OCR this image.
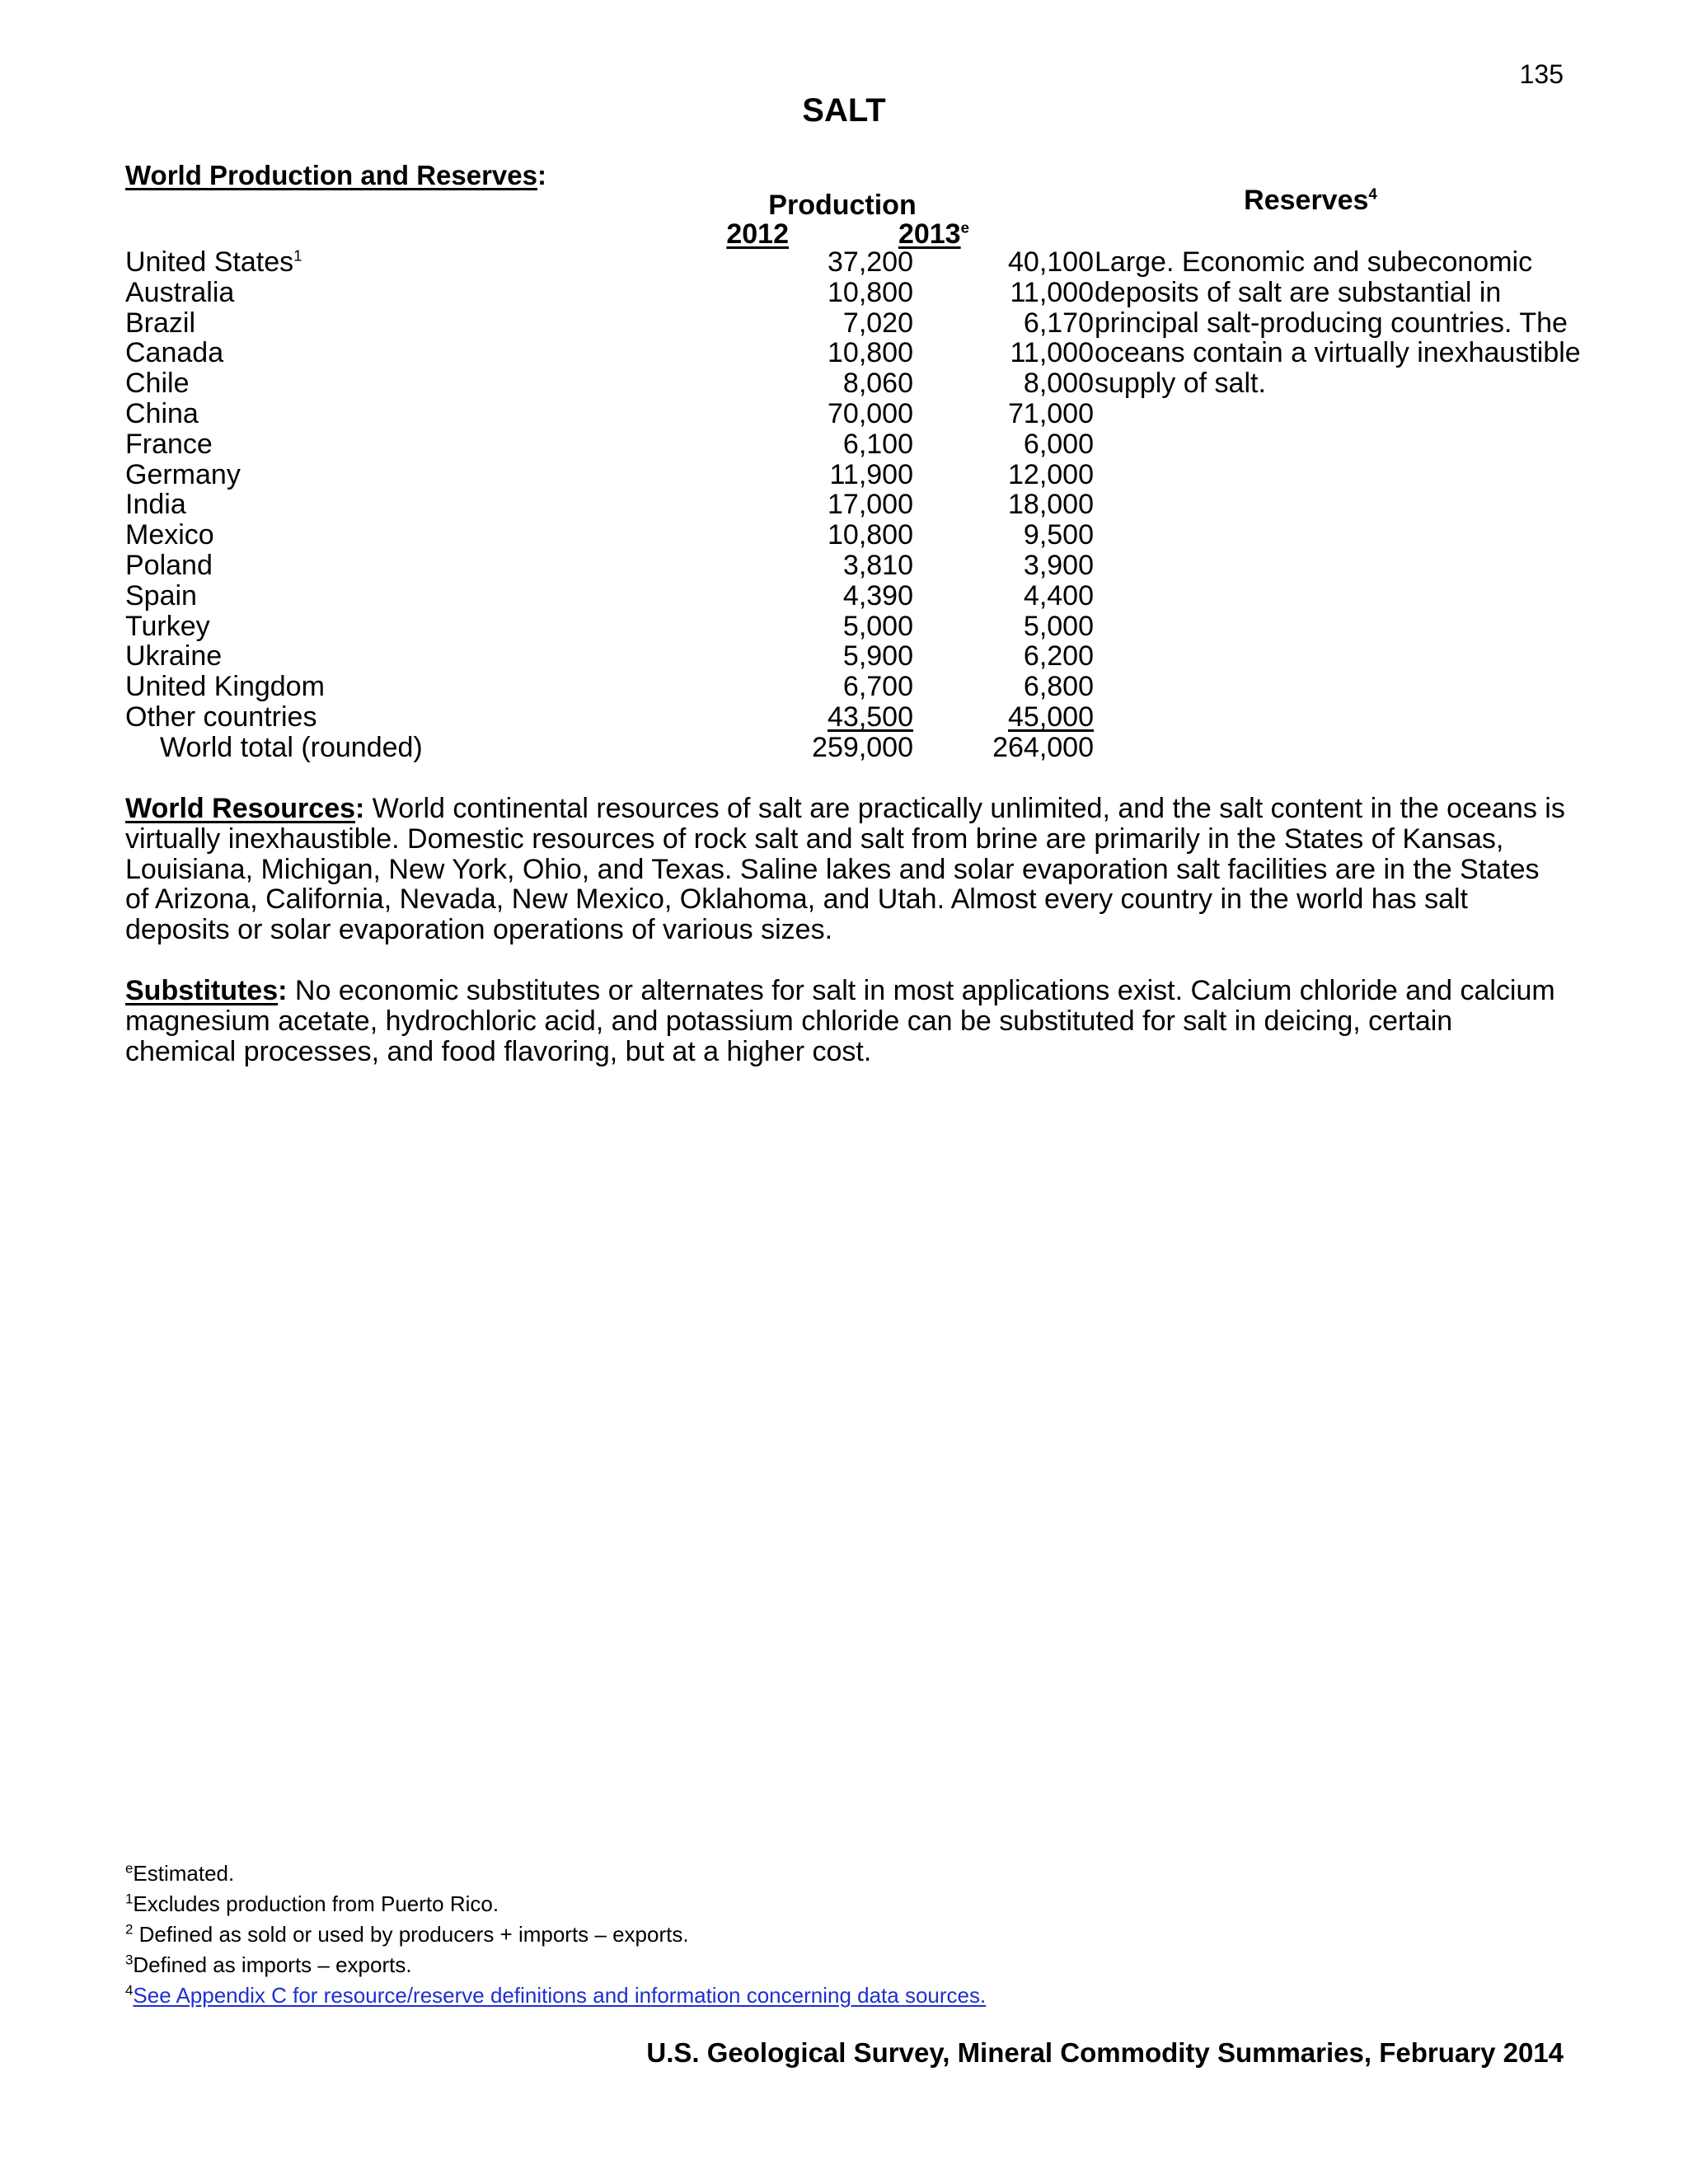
135
SALT
World Production and Reserves:
Production	Reserves$^4$
2012	2013e
United States$^1$	37,200	40,100
Australia	10,800	11,000
Brazil	7,020	6,170
Canada	10,800	11,000
Chile	8,060	8,000
China	70,000	71,000
France	6,100	6,000
Germany	11,900	12,000
India	17,000	18,000
Mexico	10,800	9,500
Poland	3,810	3,900
Spain	4,390	4,400
Turkey	5,000	5,000
Ukraine	5,900	6,200
United Kingdom	6,700	6,800
Other countries	43,500	45,000
World total (rounded)	259,000	264,000
Large. Economic and subeconomic deposits of salt are substantial in principal salt-producing countries. The oceans contain a virtually inexhaustible supply of salt.
World Resources: World continental resources of salt are practically unlimited, and the salt content in the oceans is virtually inexhaustible. Domestic resources of rock salt and salt from brine are primarily in the States of Kansas, Louisiana, Michigan, New York, Ohio, and Texas. Saline lakes and solar evaporation salt facilities are in the States of Arizona, California, Nevada, New Mexico, Oklahoma, and Utah. Almost every country in the world has salt deposits or solar evaporation operations of various sizes.
Substitutes: No economic substitutes or alternates for salt in most applications exist. Calcium chloride and calcium magnesium acetate, hydrochloric acid, and potassium chloride can be substituted for salt in deicing, certain chemical processes, and food flavoring, but at a higher cost.
$^e$Estimated.
$^1$Excludes production from Puerto Rico.
$^2$ Defined as sold or used by producers + imports – exports.
$^3$Defined as imports – exports.
$^4$See Appendix C for resource/reserve definitions and information concerning data sources.
U.S. Geological Survey, Mineral Commodity Summaries, February 2014
